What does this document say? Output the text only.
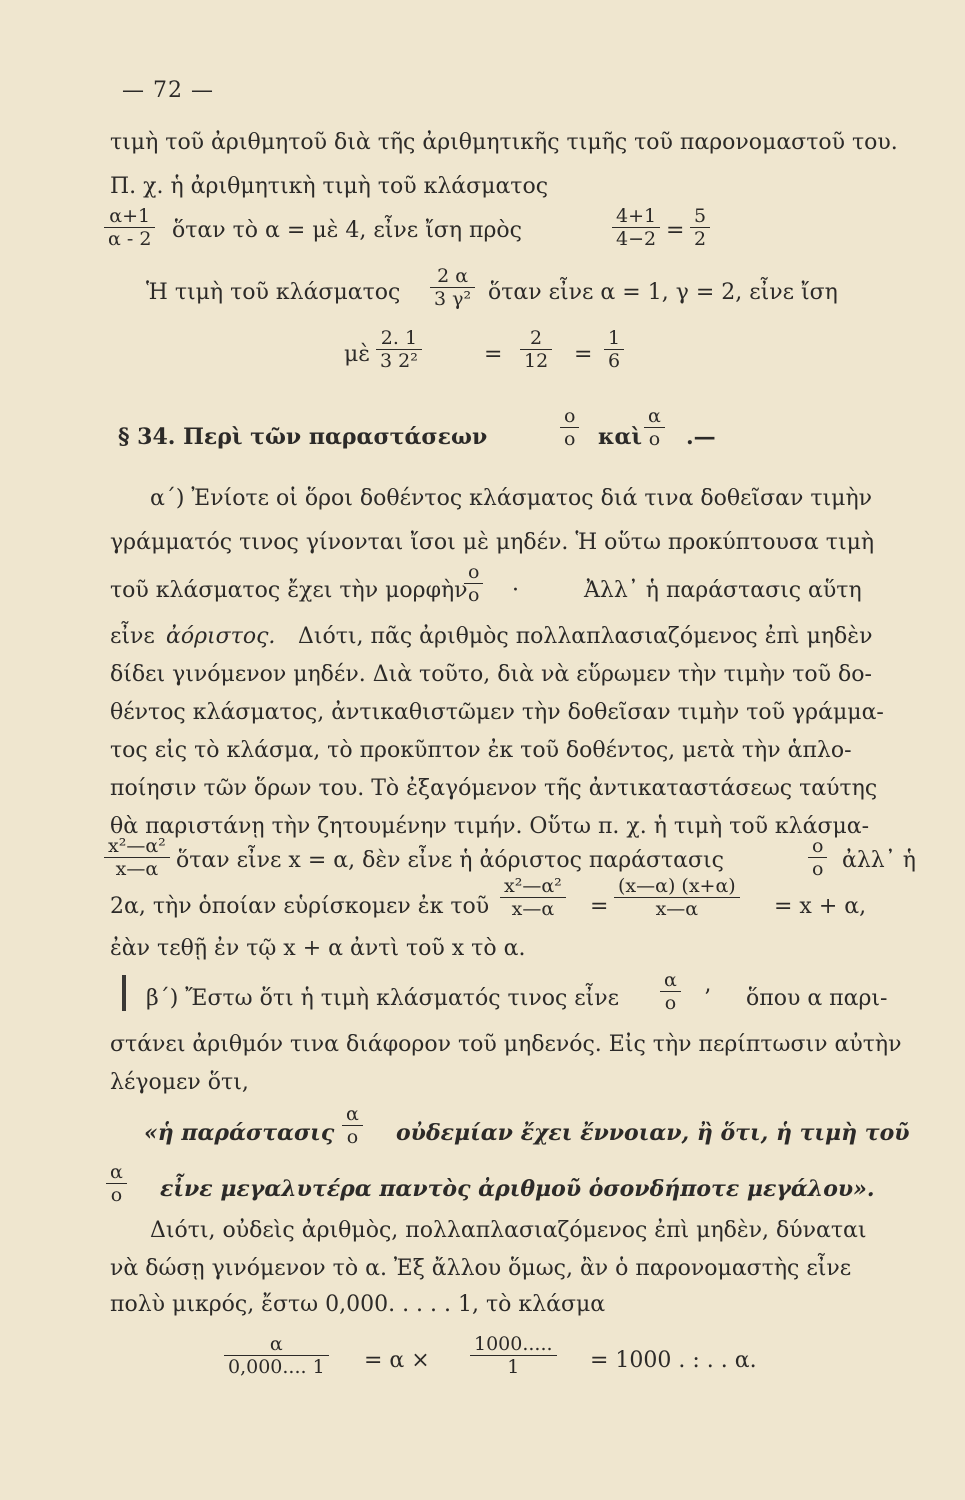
— 72 —
τιμὴ τοῦ ἀριθμητοῦ διὰ τῆς ἀριθμητικῆς τιμῆς τοῦ παρονομαστοῦ του.
Π. χ. ἡ ἀριθμητικὴ τιμὴ τοῦ κλάσματος
$\frac{\alpha+1}{\alpha - 2}$ ὅταν τὸ α = μὲ 4, εἶνε ἴση πρὸς	$\frac{4+1}{4-2} = \frac{5}{2}$
Ἡ τιμὴ τοῦ κλάσματος $\frac{2 \alpha}{\text{3 γ²}}$ ὅταν εἶνε α = 1, γ = 2, εἶνε ἴση
μὲ $\frac{2. 1}{\text{3 2²}}$	= $\frac{2}{12} = \frac{1}{6}$
§ 34. Περὶ τῶν παραστάσεων	$\frac{o}{o}$ καὶ $\frac{\alpha}{o}$ .—
α΄) Ἐνίοτε οἱ ὅροι δοθέντος κλάσματος διά τινα δοθεῖσαν τιμὴν
γράμματός τινος γίνονται ἴσοι μὲ μηδέν. Ἡ οὕτω προκύπτουσα τιμὴ
τοῦ κλάσματος ἔχει τὴν μορφὴν
$\frac{o}{o}$ ·	Ἀλλ᾽ ἡ παράστασις αὕτη
εἶνε ἀόριστος. Διότι, πᾶς ἀριθμὸς πολλαπλασιαζόμενος ἐπὶ μηδὲν
δίδει γινόμενον μηδέν. Διὰ τοῦτο, διὰ νὰ εὕρωμεν τὴν τιμὴν τοῦ δο-
θέντος κλάσματος, ἀντικαθιστῶμεν τὴν δοθεῖσαν τιμὴν τοῦ γράμμα-
τος εἰς τὸ κλάσμα, τὸ προκῦπτον ἐκ τοῦ δοθέντος, μετὰ τὴν ἁπλο-
ποίησιν τῶν ὅρων του. Τὸ ἐξαγόμενον τῆς ἀντικαταστάσεως ταύτης
θὰ παριστάνῃ τὴν ζητουμένην τιμήν. Οὕτω π. χ. ἡ τιμὴ τοῦ κλάσμα-
$\frac{\text{x²—α²}}{x—\alpha}$ ὅταν εἶνε x = α, δὲν εἶνε ἡ ἀόριστος παράστασις	$\frac{o}{o}$ ἀλλ᾽ ἡ
2α, τὴν ὁποίαν εὑρίσκομεν ἐκ τοῦ $\frac{\text{x²—α²}}{x—\alpha} = \frac{(x—\alpha) (x+\alpha)}{x—\alpha} = x + \alpha$,
ἐὰν τεθῇ ἐν τῷ x + α ἀντὶ τοῦ x τὸ α.
β΄) Ἔστω ὅτι ἡ τιμὴ κλάσματός τινος εἶνε $\frac{\alpha}{o}$ ’ ὅπου α παρι-
στάνει ἀριθμόν τινα διάφορον τοῦ μηδενός. Εἰς τὴν περίπτωσιν αὐτὴν
λέγομεν ὅτι,
«ἡ παράστασις $\frac{\alpha}{o}$ οὐδεμίαν ἔχει ἔννοιαν, ἢ ὅτι, ἡ τιμὴ τοῦ
$\frac{\alpha}{o}$ εἶνε μεγαλυτέρα παντὸς ἀριθμοῦ ὁσονδήποτε μεγάλου».
Διότι, οὐδεὶς ἀριθμὸς, πολλαπλασιαζόμενος ἐπὶ μηδὲν, δύναται
νὰ δώσῃ γινόμενον τὸ α. Ἐξ ἄλλου ὅμως, ἂν ὁ παρονομαστὴς εἶνε
πολὺ μικρός, ἔστω 0,000. . . . . 1, τὸ κλάσμα
$\frac{\alpha}{0,000.... 1} = \alpha \times \frac{1000.....}{1} = 1000$ . : . . α.
